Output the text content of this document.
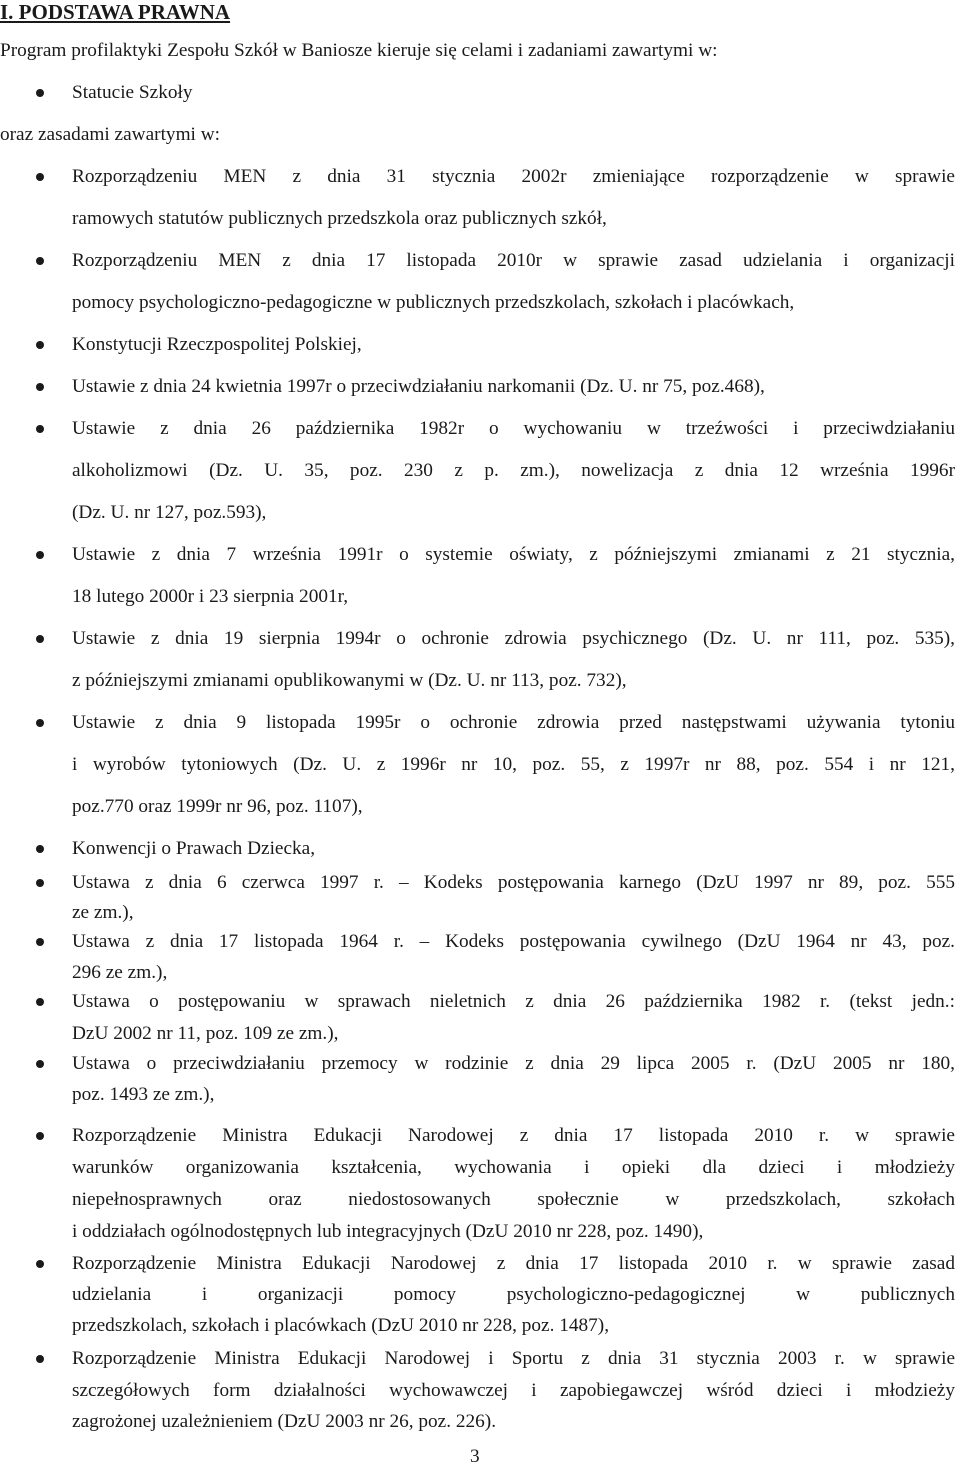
I. PODSTAWA PRAWNA
Program profilaktyki Zespołu Szkół w Baniosze kieruje się celami i zadaniami zawartymi w:
Statucie Szkoły
oraz zasadami zawartymi w:
Rozporządzeniu MEN z dnia 31 stycznia 2002r zmieniające rozporządzenie w sprawie
ramowych statutów publicznych przedszkola oraz publicznych szkół,
Rozporządzeniu MEN z dnia 17 listopada 2010r w sprawie zasad udzielania i organizacji
pomocy psychologiczno-pedagogiczne w publicznych przedszkolach, szkołach i placówkach,
Konstytucji Rzeczpospolitej Polskiej,
Ustawie z dnia 24 kwietnia 1997r o przeciwdziałaniu narkomanii (Dz. U. nr 75, poz.468),
Ustawie z dnia 26 października 1982r o wychowaniu w trzeźwości i przeciwdziałaniu
alkoholizmowi (Dz. U. 35, poz. 230 z p. zm.), nowelizacja z dnia 12 września 1996r
(Dz. U. nr 127, poz.593),
Ustawie z dnia 7 września 1991r o systemie oświaty, z późniejszymi zmianami z 21 stycznia,
18 lutego 2000r i 23 sierpnia 2001r,
Ustawie z dnia 19 sierpnia 1994r o ochronie zdrowia psychicznego (Dz. U. nr 111, poz. 535),
z późniejszymi zmianami opublikowanymi w (Dz. U. nr 113, poz. 732),
Ustawie z dnia 9 listopada 1995r o ochronie zdrowia przed następstwami używania tytoniu
i wyrobów tytoniowych (Dz. U. z 1996r nr 10, poz. 55, z 1997r nr 88, poz. 554 i nr 121,
poz.770 oraz 1999r nr 96, poz. 1107),
Konwencji o Prawach Dziecka,
Ustawa z dnia 6 czerwca 1997 r. – Kodeks postępowania karnego (DzU 1997 nr 89, poz. 555
ze zm.),
Ustawa z dnia 17 listopada 1964 r. – Kodeks postępowania cywilnego (DzU 1964 nr 43, poz.
296 ze zm.),
Ustawa o postępowaniu w sprawach nieletnich z dnia 26 października 1982 r. (tekst jedn.:
DzU 2002 nr 11, poz. 109 ze zm.),
Ustawa o przeciwdziałaniu przemocy w rodzinie z dnia 29 lipca 2005 r. (DzU 2005 nr 180,
poz. 1493 ze zm.),
Rozporządzenie Ministra Edukacji Narodowej z dnia 17 listopada 2010 r. w sprawie
warunków organizowania kształcenia, wychowania i opieki dla dzieci i młodzieży
niepełnosprawnych oraz niedostosowanych społecznie w przedszkolach, szkołach
i oddziałach ogólnodostępnych lub integracyjnych (DzU 2010 nr 228, poz. 1490),
Rozporządzenie Ministra Edukacji Narodowej z dnia 17 listopada 2010 r. w sprawie zasad
udzielania i organizacji pomocy psychologiczno-pedagogicznej w publicznych
przedszkolach, szkołach i placówkach (DzU 2010 nr 228, poz. 1487),
Rozporządzenie Ministra Edukacji Narodowej i Sportu z dnia 31 stycznia 2003 r. w sprawie
szczegółowych form działalności wychowawczej i zapobiegawczej wśród dzieci i młodzieży
zagrożonej uzależnieniem (DzU 2003 nr 26, poz. 226).
3
